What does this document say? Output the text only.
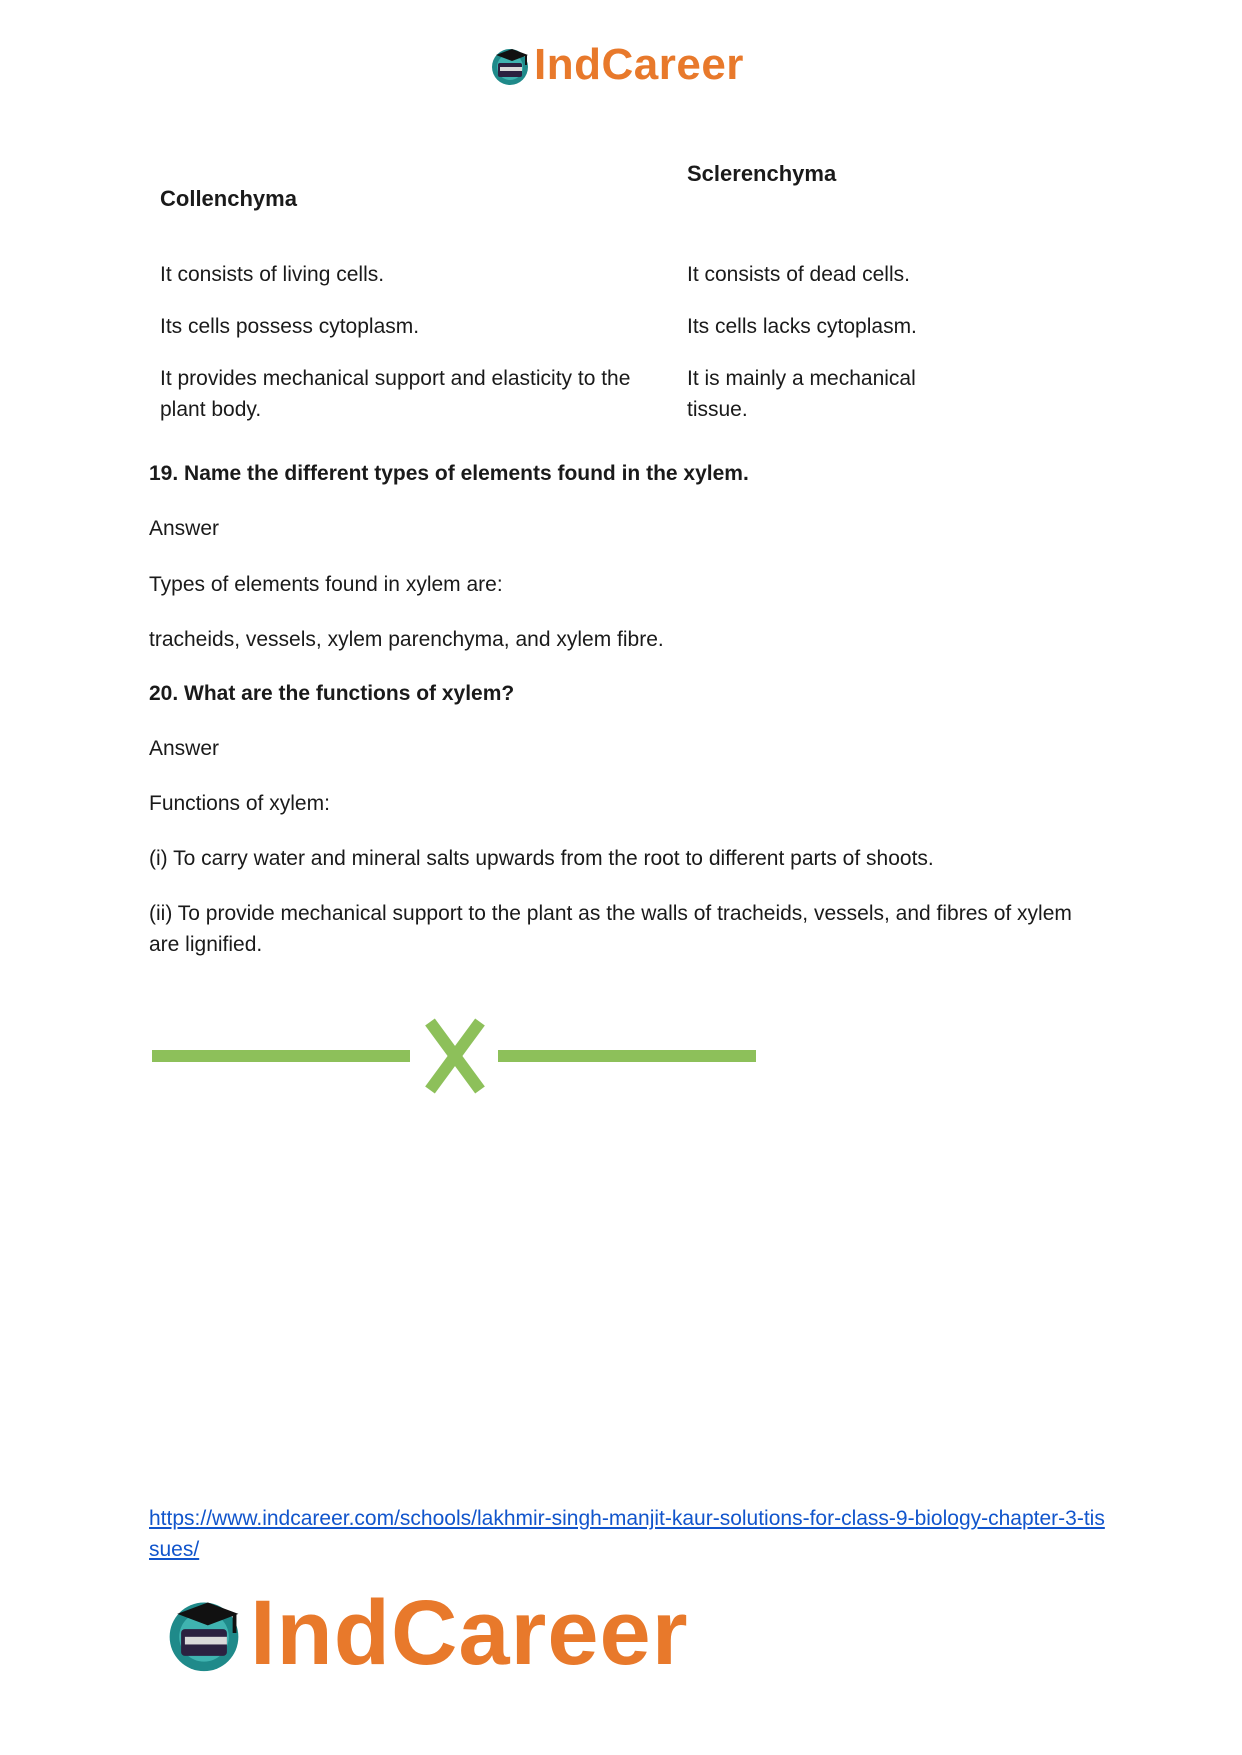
IndCareer
Collenchyma
Sclerenchyma
It consists of living cells.	It consists of dead cells.
Its cells possess cytoplasm.	Its cells lacks cytoplasm.
It provides mechanical support and elasticity to the plant body.
It is mainly a mechanical tissue.
19. Name the different types of elements found in the xylem.
Answer
Types of elements found in xylem are:
tracheids, vessels, xylem parenchyma, and xylem fibre.
20. What are the functions of xylem?
Answer
Functions of xylem:
(i) To carry water and mineral salts upwards from the root to different parts of shoots.
(ii) To provide mechanical support to the plant as the walls of tracheids, vessels, and fibres of xylem are lignified.
https://www.indcareer.com/schools/lakhmir-singh-manjit-kaur-solutions-for-class-9-biology-chapter-3-tissues/
IndCareer
